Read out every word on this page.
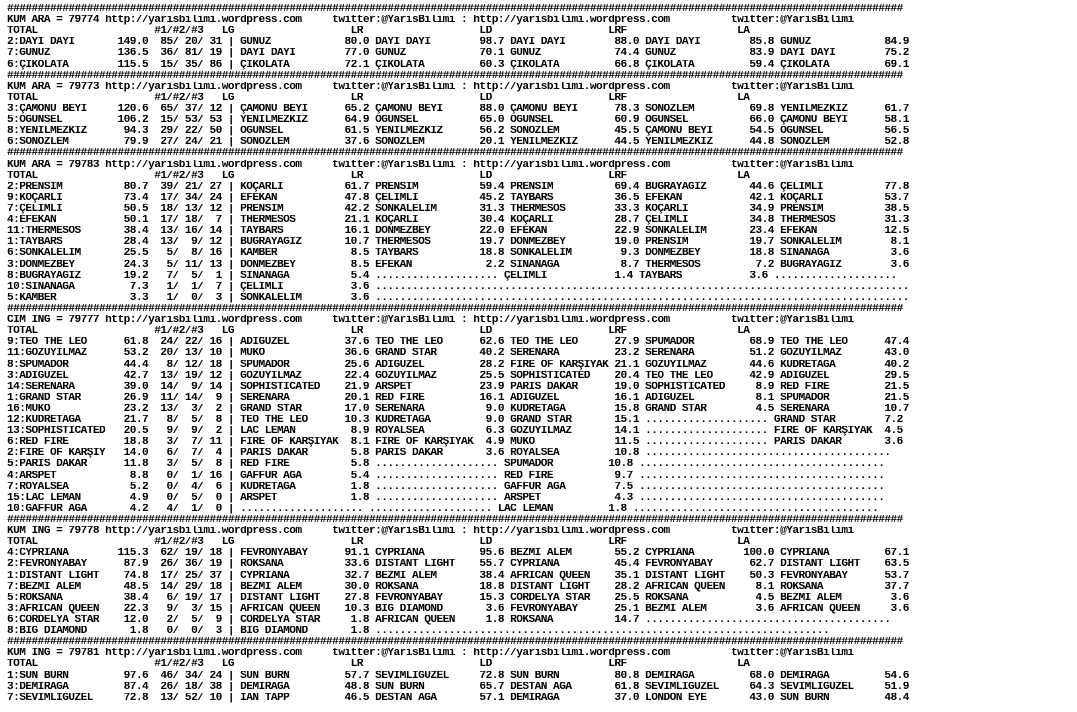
##################################################################################################################################################
KUM ARA = 79774 http://yarisbilimi.wordpress.com     twitter:@YarisBilimi : http://yarisbilimi.wordpress.com          twitter:@YarisBilimi
TOTAL                   #1/#2/#3   LG                   LR                   LD                   LRF                  LA
2:DAYI DAYI       149.0  85/ 20/ 31 | GÜNÜZ            80.0 DAYI DAYI        98.7 DAYI DAYI        88.0 DAYI DAYI        85.8 GÜNÜZ            84.9
7:GÜNÜZ           136.5  36/ 81/ 19 | DAYI DAYI        77.0 GÜNÜZ            70.1 GÜNÜZ            74.4 GÜNÜZ            83.9 DAYI DAYI        75.2
6:ÇİKOLATA        115.5  15/ 35/ 86 | ÇİKOLATA         72.1 ÇİKOLATA         60.3 ÇİKOLATA         66.8 ÇİKOLATA         59.4 ÇİKOLATA         69.1
##################################################################################################################################################
KUM ARA = 79773 http://yarisbilimi.wordpress.com     twitter:@YarisBilimi : http://yarisbilimi.wordpress.com          twitter:@YarisBilimi
TOTAL                   #1/#2/#3   LG                   LR                   LD                   LRF                  LA
3:ÇAMÖNÜ BEYİ     120.6  65/ 37/ 12 | ÇAMÖNÜ BEYİ      65.2 ÇAMÖNÜ BEYİ      88.0 ÇAMÖNÜ BEYİ      78.3 SONÖZLEM         69.8 YENİLMEZKIZ      61.7
5:ÖĞÜNSEL         106.2  15/ 53/ 53 | YENİLMEZKIZ      64.9 ÖĞÜNSEL          65.0 ÖĞÜNSEL          60.9 ÖĞÜNSEL          66.0 ÇAMÖNÜ BEYİ      58.1
8:YENİLMEZKIZ      94.3  29/ 22/ 50 | ÖĞÜNSEL          61.5 YENİLMEZKIZ      56.2 SONÖZLEM         45.5 ÇAMÖNÜ BEYİ      54.5 ÖĞÜNSEL          56.5
6:SONÖZLEM         79.9  27/ 24/ 21 | SONÖZLEM         37.6 SONÖZLEM         20.1 YENİLMEZKIZ      44.5 YENİLMEZKIZ      44.8 SONÖZLEM         52.8
##################################################################################################################################################
KUM ARA = 79783 http://yarisbilimi.wordpress.com     twitter:@YarisBilimi : http://yarisbilimi.wordpress.com          twitter:@YarisBilimi
TOTAL                   #1/#2/#3   LG                   LR                   LD                   LRF                  LA
2:PRENSİM          80.7  39/ 21/ 27 | KOÇARLI          61.7 PRENSİM          59.4 PRENSİM          69.4 BUĞRAYAĞIZ       44.6 ÇELİMLİ          77.8
9:KOÇARLI          73.4  17/ 34/ 24 | EFEKAN           47.8 ÇELİMLİ          45.2 TAYBARS          36.5 EFEKAN           42.1 KOÇARLI          53.7
7:ÇELİMLİ          50.5  18/ 13/ 12 | PRENSİM          42.2 SONKALELİM       31.3 THERMESOS        33.3 KOÇARLI          34.9 PRENSİM          38.5
4:EFEKAN           50.1  17/ 18/  7 | THERMESOS        21.1 KOÇARLI          30.4 KOÇARLI          28.7 ÇELİMLİ          34.8 THERMESOS        31.3
11:THERMESOS       38.4  13/ 16/ 14 | TAYBARS          16.1 DÖNMEZBEY        22.0 EFEKAN           22.9 SONKALELİM       23.4 EFEKAN           12.5
1:TAYBARS          28.4  13/  9/ 12 | BUĞRAYAĞIZ       10.7 THERMESOS        19.7 DÖNMEZBEY        19.0 PRENSİM          19.7 SONKALELİM        8.1
6:SONKALELİM       25.5   5/  8/ 16 | KAMBER            8.5 TAYBARS          18.8 SONKALELİM        9.3 DÖNMEZBEY        18.8 SİNANAĞA          3.6
3:DÖNMEZBEY        24.3   5/ 11/ 13 | DÖNMEZBEY         8.5 EFEKAN            2.2 SİNANAĞA          8.7 THERMESOS         7.2 BUĞRAYAĞIZ        3.6
8:BUĞRAYAĞIZ       19.2   7/  5/  1 | SİNANAĞA          5.4 .................... ÇELİMLİ           1.4 TAYBARS           3.6 ....................
10:SİNANAĞA         7.3   1/  1/  7 | ÇELİMLİ           3.6 .......................................................................................
5:KAMBER            3.3   1/  0/  3 | SONKALELİM        3.6 .......................................................................................
##################################################################################################################################################
CIM ING = 79777 http://yarisbilimi.wordpress.com     twitter:@YarisBilimi : http://yarisbilimi.wordpress.com          twitter:@YarisBilimi
TOTAL                   #1/#2/#3   LG                   LR                   LD                   LRF                  LA
9:TEO THE LEO      61.8  24/ 22/ 16 | ADIGÜZEL         37.6 TEO THE LEO      62.6 TEO THE LEO      27.9 SPUMADOR         68.9 TEO THE LEO      47.4
11:GÖZÜYILMAZ      53.2  20/ 13/ 10 | MUKO             36.6 GRAND STAR       40.2 SERENARA         23.2 SERENARA         51.2 GÖZÜYILMAZ       43.0
8:SPUMADOR         44.4   8/ 12/ 18 | SPUMADOR         25.6 ADIGÜZEL         28.2 FIRE OF KARŞIYAK 21.1 GÖZÜYILMAZ       44.6 KUDRETAĞA        40.2
3:ADIGÜZEL         42.7  13/ 19/ 12 | GÖZÜYILMAZ       22.4 GÖZÜYILMAZ       25.5 SOPHISTICATED    20.4 TEO THE LEO      42.9 ADIGÜZEL         29.5
14:SERENARA        39.0  14/  9/ 14 | SOPHISTICATED    21.9 ARSPET           23.9 PARIS DAKAR      19.0 SOPHISTICATED     8.9 RED FIRE         21.5
1:GRAND STAR       26.9  11/ 14/  9 | SERENARA         20.1 RED FIRE         16.1 ADIGÜZEL         16.1 ADIGÜZEL          8.1 SPUMADOR         21.5
16:MUKO            23.2  13/  3/  2 | GRAND STAR       17.0 SERENARA          9.0 KUDRETAĞA        15.8 GRAND STAR        4.5 SERENARA         10.7
12:KUDRETAĞA       21.7   8/  5/  8 | TEO THE LEO      10.3 KUDRETAĞA         9.0 GRAND STAR       15.1 .................... GRAND STAR        7.2
13:SOPHISTICATED   20.5   9/  9/  2 | LAC LEMAN         8.9 ROYALSEA          6.3 GÖZÜYILMAZ       14.1 .................... FIRE OF KARŞIYAK  4.5
6:RED FIRE         18.8   3/  7/ 11 | FIRE OF KARŞIYAK  8.1 FIRE OF KARŞIYAK  4.9 MUKO             11.5 .................... PARIS DAKAR       3.6
2:FIRE OF KARŞIY   14.0   6/  7/  4 | PARIS DAKAR       5.8 PARIS DAKAR       3.6 ROYALSEA         10.8 ........................................
5:PARIS DAKAR      11.8   3/  5/  8 | RED FIRE          5.8 .................... SPUMADOR         10.8 ........................................
4:ARSPET            8.8   0/  1/ 16 | GAFFUR AĞA        5.4 .................... RED FIRE          9.7 ........................................
7:ROYALSEA          5.2   0/  4/  6 | KUDRETAĞA         1.8 .................... GAFFUR AĞA        7.5 ........................................
15:LAC LEMAN        4.9   0/  5/  0 | ARSPET            1.8 .................... ARSPET            4.3 ........................................
10:GAFFUR AĞA       4.2   4/  1/  0 | .................... .................... LAC LEMAN         1.8 ........................................
##################################################################################################################################################
KUM ING = 79778 http://yarisbilimi.wordpress.com     twitter:@YarisBilimi : http://yarisbilimi.wordpress.com          twitter:@YarisBilimi
TOTAL                   #1/#2/#3   LG                   LR                   LD                   LRF                  LA
4:CYPRIANA        115.3  62/ 19/ 18 | FEVRONYABAY      91.1 CYPRIANA         95.6 BEZMİ ALEM       55.2 CYPRIANA        100.0 CYPRIANA         67.1
2:FEVRONYABAY      87.9  26/ 36/ 19 | ROKSANA          33.6 DISTANT LIGHT    55.7 CYPRIANA         45.4 FEVRONYABAY      62.7 DISTANT LIGHT    63.5
1:DISTANT LIGHT    74.8  17/ 25/ 37 | CYPRIANA         32.7 BEZMİ ALEM       38.4 AFRICAN QUEEN    35.1 DISTANT LIGHT    50.3 FEVRONYABAY      53.7
7:BEZMİ ALEM       48.5  14/ 29/ 18 | BEZMİ ALEM       30.0 ROKSANA          18.8 DISTANT LIGHT    28.2 AFRICAN QUEEN     8.1 ROKSANA          37.7
5:ROKSANA          38.4   6/ 19/ 17 | DISTANT LIGHT    27.8 FEVRONYABAY      15.3 CORDELYA STAR    25.5 ROKSANA           4.5 BEZMİ ALEM        3.6
3:AFRICAN QUEEN    22.3   9/  3/ 15 | AFRICAN QUEEN    10.3 BIG DIAMOND       3.6 FEVRONYABAY      25.1 BEZMİ ALEM        3.6 AFRICAN QUEEN     3.6
6:CORDELYA STAR    12.0   2/  5/  9 | CORDELYA STAR     1.8 AFRICAN QUEEN     1.8 ROKSANA          14.7 ........................................
8:BIG DIAMOND       1.8   0/  0/  3 | BIG DIAMOND       1.8 ..........................................................................
##################################################################################################################################################
KUM ING = 79781 http://yarisbilimi.wordpress.com     twitter:@YarisBilimi : http://yarisbilimi.wordpress.com          twitter:@YarisBilimi
TOTAL                   #1/#2/#3   LG                   LR                   LD                   LRF                  LA
1:SUN BURN         97.6  46/ 34/ 24 | SUN BURN         57.7 SEVİMLİGÜZEL     72.8 SUN BURN         80.8 DEMİRAĞA         68.0 DEMİRAĞA         54.6
3:DEMİRAĞA         87.4  26/ 18/ 38 | DEMİRAĞA         48.8 SUN BURN         65.7 DESTAN AGA       61.8 SEVİMLİGÜZEL     64.3 SEVİMLİGÜZEL     51.9
7:SEVİMLİGÜZEL     72.8  13/ 52/ 10 | IAN TAPP         46.5 DESTAN AGA       57.1 DEMİRAĞA         37.0 LONDON EYE       43.0 SUN BURN         48.4
